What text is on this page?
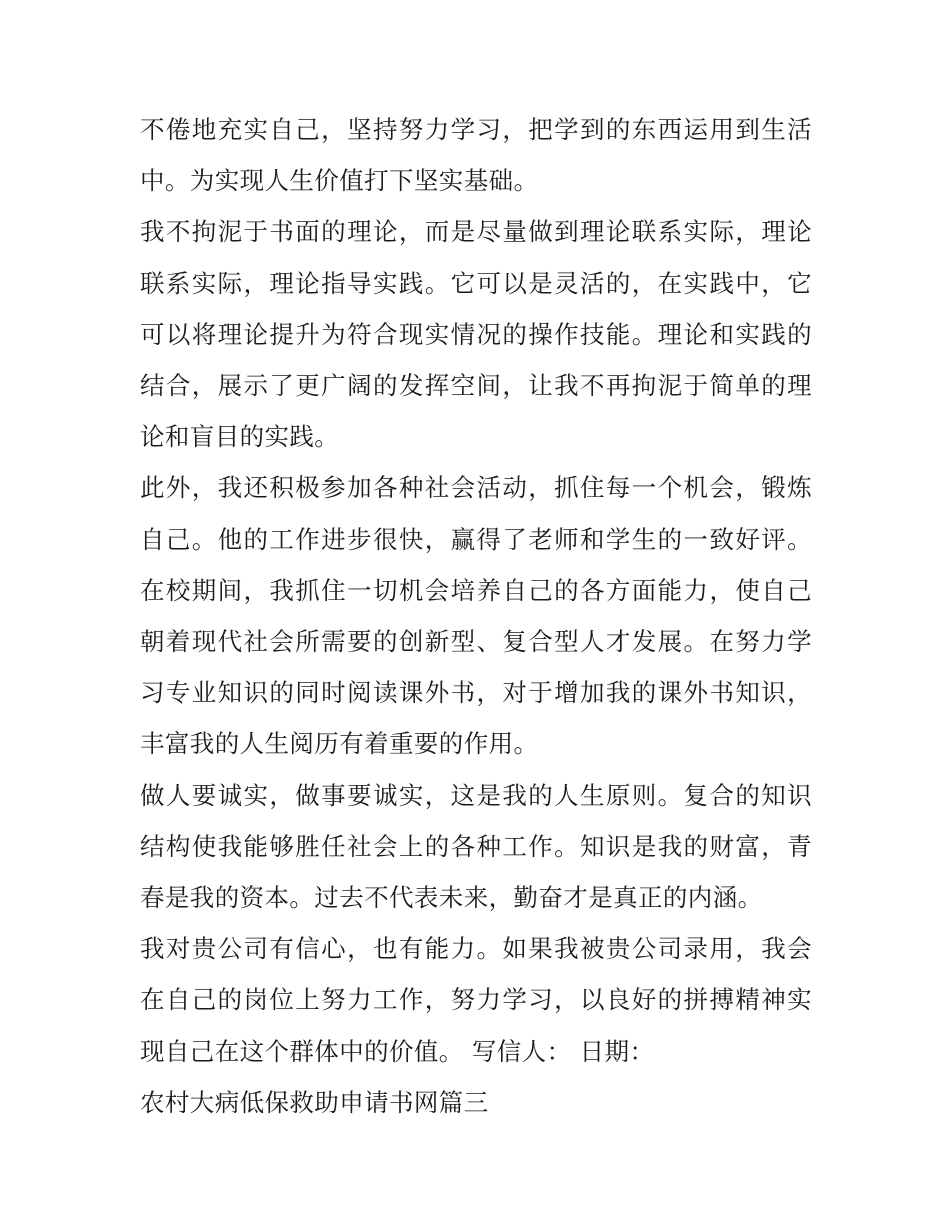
不倦地充实自己，坚持努力学习，把学到的东西运用到生活中。为实现人生价值打下坚实基础。

我不拘泥于书面的理论，而是尽量做到理论联系实际，理论联系实际，理论指导实践。它可以是灵活的，在实践中，它可以将理论提升为符合现实情况的操作技能。理论和实践的结合，展示了更广阔的发挥空间，让我不再拘泥于简单的理论和盲目的实践。

此外，我还积极参加各种社会活动，抓住每一个机会，锻炼自己。他的工作进步很快，赢得了老师和学生的一致好评。在校期间，我抓住一切机会培养自己的各方面能力，使自己朝着现代社会所需要的创新型、复合型人才发展。在努力学习专业知识的同时阅读课外书，对于增加我的课外书知识，丰富我的人生阅历有着重要的作用。

做人要诚实，做事要诚实，这是我的人生原则。复合的知识结构使我能够胜任社会上的各种工作。知识是我的财富，青春是我的资本。过去不代表未来，勤奋才是真正的内涵。

我对贵公司有信心，也有能力。如果我被贵公司录用，我会在自己的岗位上努力工作，努力学习，以良好的拼搏精神实现自己在这个群体中的价值。 写信人： 日期：

农村大病低保救助申请书网篇三
